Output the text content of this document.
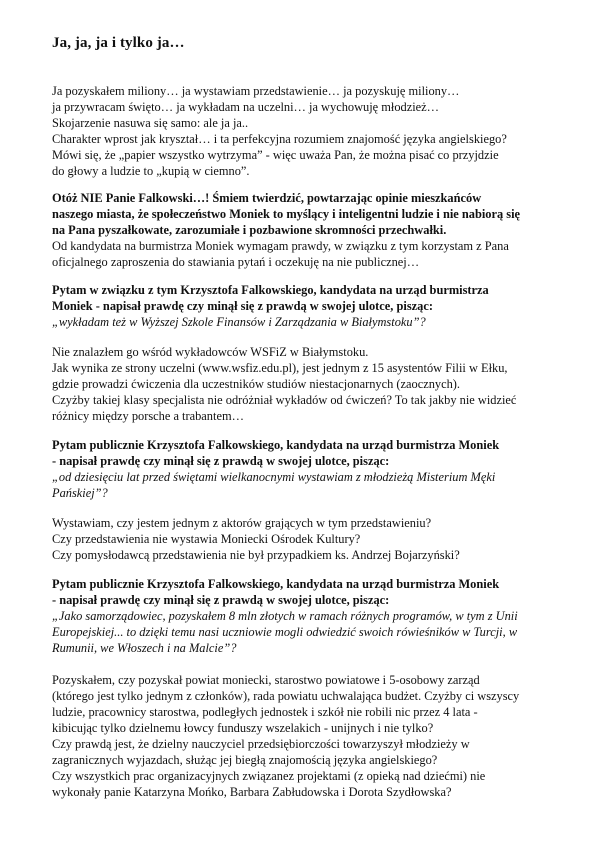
Ja, ja, ja i tylko ja…
Ja pozyskałem miliony… ja wystawiam przedstawienie… ja pozyskuję miliony…
ja przywracam święto… ja wykładam na uczelni… ja wychowuję młodzież…
Skojarzenie nasuwa się samo: ale ja ja..
Charakter wprost jak kryształ… i ta perfekcyjna rozumiem znajomość języka angielskiego?
Mówi się, że „papier wszystko wytrzyma” - więc uważa Pan, że można pisać co przyjdzie
do głowy a ludzie to „kupią w ciemno”.
Otóż NIE Panie Falkowski…! Śmiem twierdzić, powtarzając opinie mieszkańców
naszego miasta, że społeczeństwo Moniek to myślący i inteligentni ludzie i nie nabiorą się
na Pana pyszałkowate, zarozumiałe i pozbawione skromności przechwałki.
Od kandydata na burmistrza Moniek wymagam prawdy, w związku z tym korzystam z Pana
oficjalnego zaproszenia do stawiania pytań i oczekuję na nie publicznej…
Pytam w związku z tym Krzysztofa Falkowskiego, kandydata na urząd burmistrza
Moniek - napisał prawdę czy minął się z prawdą w swojej ulotce, pisząc:
„wykładam też w Wyższej Szkole Finansów i Zarządzania w Białymstoku”?
Nie znalazłem go wśród wykładowców WSFiZ w Białymstoku.
Jak wynika ze strony uczelni (www.wsfiz.edu.pl), jest jednym z 15 asystentów Filii w Ełku,
gdzie prowadzi ćwiczenia dla uczestników studiów niestacjonarnych (zaocznych).
Czyżby takiej klasy specjalista nie odróżniał wykładów od ćwiczeń? To tak jakby nie widzieć
różnicy między porsche a trabantem…
Pytam publicznie Krzysztofa Falkowskiego, kandydata na urząd burmistrza Moniek
- napisał prawdę czy minął się z prawdą w swojej ulotce, pisząc:
„od dziesięciu lat przed świętami wielkanocnymi wystawiam z młodzieżą Misterium Męki
Pańskiej”?
Wystawiam, czy jestem jednym z aktorów grających w tym przedstawieniu?
Czy przedstawienia nie wystawia Moniecki Ośrodek Kultury?
Czy pomysłodawcą przedstawienia nie był przypadkiem ks. Andrzej Bojarzyński?
Pytam publicznie Krzysztofa Falkowskiego, kandydata na urząd burmistrza Moniek
- napisał prawdę czy minął się z prawdą w swojej ulotce, pisząc:
„Jako samorządowiec, pozyskałem 8 mln złotych w ramach różnych programów, w tym z Unii
Europejskiej... to dzięki temu nasi uczniowie mogli odwiedzić swoich rówieśników w Turcji, w
Rumunii, we Włoszech i na Malcie”?
Pozyskałem, czy pozyskał powiat moniecki, starostwo powiatowe i 5-osobowy zarząd
(którego jest tylko jednym z członków), rada powiatu uchwalająca budżet. Czyżby ci wszyscy
ludzie, pracownicy starostwa, podległych jednostek i szkół nie robili nic przez 4 lata -
kibicując tylko dzielnemu łowcy funduszy wszelakich - unijnych i nie tylko?
Czy prawdą jest, że dzielny nauczyciel przedsiębiorczości towarzyszył młodzieży w
zagranicznych wyjazdach, służąc jej biegłą znajomością języka angielskiego?
Czy wszystkich prac organizacyjnych związanez projektami (z opieką nad dziećmi) nie
wykonały panie Katarzyna Mońko, Barbara Zabłudowska i Dorota Szydłowska?
